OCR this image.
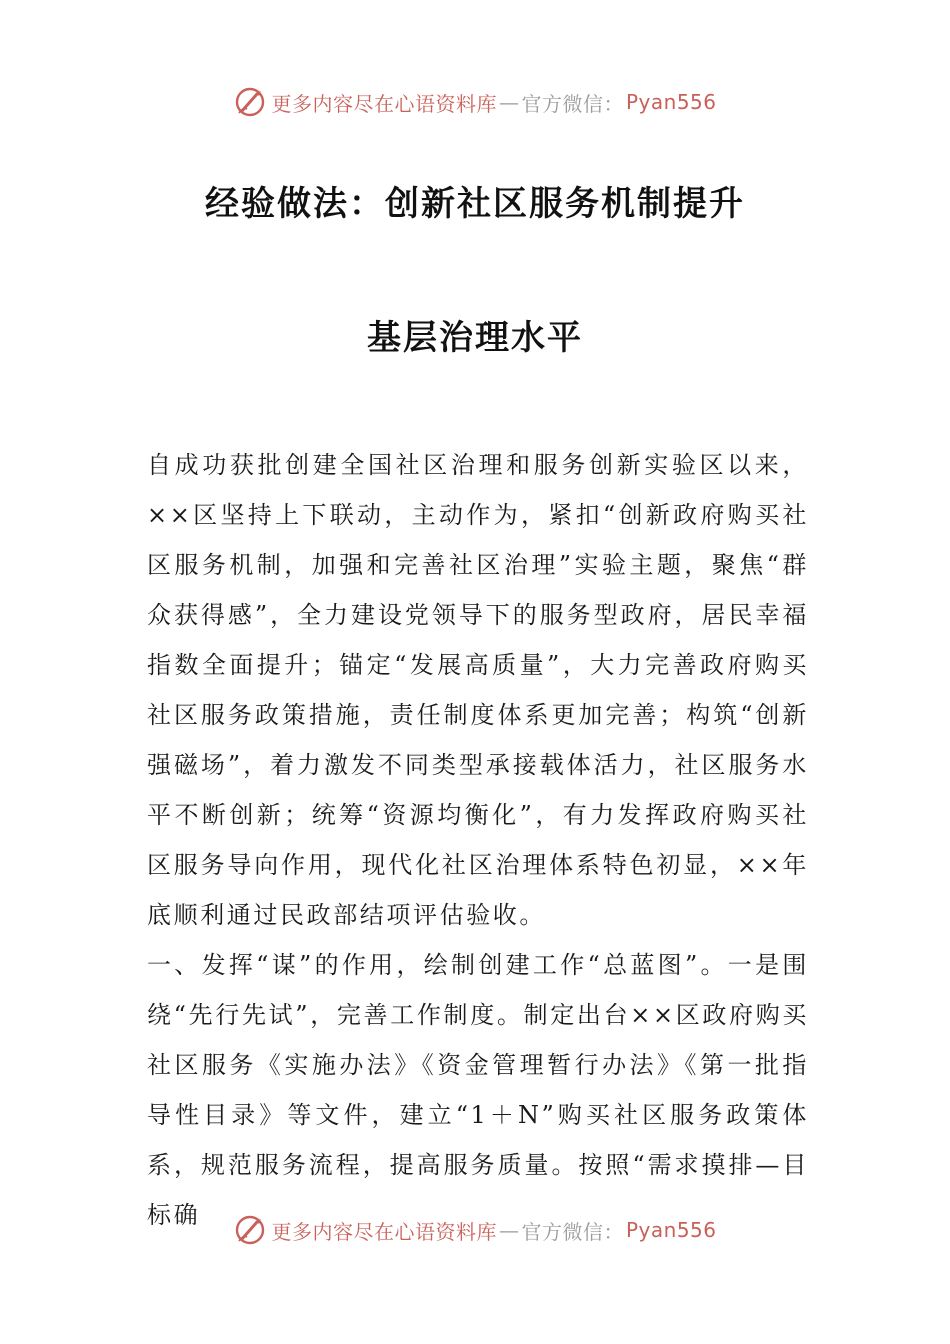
更多内容尽在心语资料库 — 官方微信： Pyan556
经验做法：创新社区服务机制提升
基层治理水平

自成功获批创建全国社区治理和服务创新实验区以来，××区坚持上下联动，主动作为，紧扣“创新政府购买社区服务机制，加强和完善社区治理”实验主题，聚焦“群众获得感”，全力建设党领导下的服务型政府，居民幸福指数全面提升；锚定“发展高质量”，大力完善政府购买社区服务政策措施，责任制度体系更加完善；构筑“创新强磁场”，着力激发不同类型承接载体活力，社区服务水平不断创新；统筹“资源均衡化”，有力发挥政府购买社区服务导向作用，现代化社区治理体系特色初显，××年底顺利通过民政部结项评估验收。

一、发挥“谋”的作用，绘制创建工作“总蓝图”。一是围绕“先行先试”，完善工作制度。制定出台××区政府购买社区服务《实施办法》《资金管理暂行办法》《第一批指导性目录》等文件，建立“1＋N”购买社区服务政策体系，规范服务流程，提高服务质量。按照“需求摸排—目标确

更多内容尽在心语资料库 — 官方微信： Pyan556
